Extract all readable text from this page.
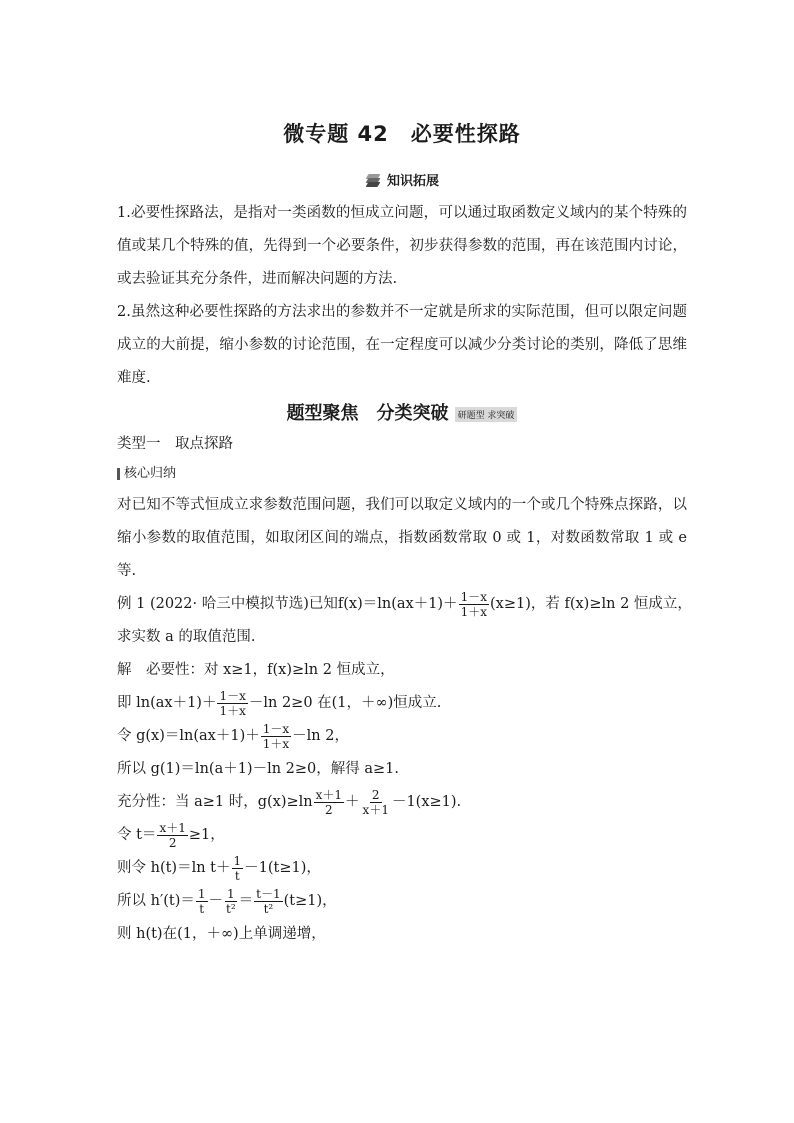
微专题 42　必要性探路
知识拓展

1.必要性探路法，是指对一类函数的恒成立问题，可以通过取函数定义域内的某个特殊的值或某几个特殊的值，先得到一个必要条件，初步获得参数的范围，再在该范围内讨论，或去验证其充分条件，进而解决问题的方法.

2.虽然这种必要性探路的方法求出的参数并不一定就是所求的实际范围，但可以限定问题成立的大前提，缩小参数的讨论范围，在一定程度可以减少分类讨论的类别，降低了思维难度.

题型聚焦　分类突破 研题型 求突破
类型一　取点探路
核心归纳

对已知不等式恒成立求参数范围问题，我们可以取定义域内的一个或几个特殊点探路，以缩小参数的取值范围，如取闭区间的端点，指数函数常取 0 或 1，对数函数常取 1 或 e 等.

例 1 (2022· 哈三中模拟节选)已知$f(x)=\ln(ax+1)+ \frac{1-x}{1+x} (x\ge 1)$，若 f(x)≥ln 2 恒成立，
求实数 a 的取值范围.
解　必要性：对 x≥1，f(x)≥ln 2 恒成立，
即 $\ln(ax+1)+ \frac{1-x}{1+x} -\ln$ 2≥0 在(1，＋∞)恒成立.
令 $g(x)=\ln(ax+1)+ \frac{1-x}{1+x} -\ln$ 2，
所以 g(1)＝ln(a＋1)－ln 2≥0，解得 a≥1.
充分性：当 a≥1 时，$g(x)\ge\ln \frac{x+1}{2} + \frac{2}{x+1} -1(x\ge 1)$.
令 $t= \frac{x+1}{2} \ge 1$，
则令 h(t)＝ln $t+ \frac{1}{t} -1(t\ge 1)$，
所以 $h'(t)= \frac{1}{t} - \frac{1}{\text{t²}} = \frac{t-1}{\text{t²}} (t\ge 1)$，
则 h(t)在(1，＋∞)上单调递增，
